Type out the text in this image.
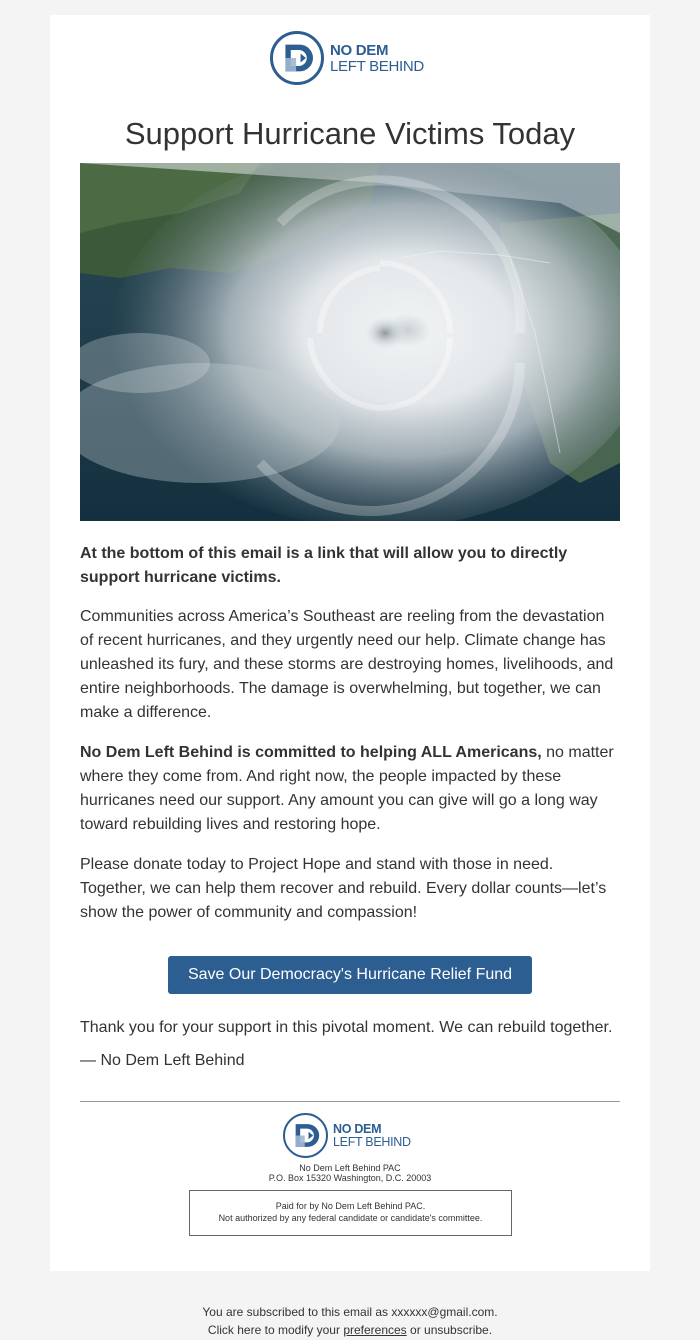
NO DEM
LEFT BEHIND
Support Hurricane Victims Today

At the bottom of this email is a link that will allow you to directly support hurricane victims.

Communities across America’s Southeast are reeling from the devastation of recent hurricanes, and they urgently need our help. Climate change has unleashed its fury, and these storms are destroying homes, livelihoods, and entire neighborhoods. The damage is overwhelming, but together, we can make a difference.

No Dem Left Behind is committed to helping ALL Americans, no matter where they come from. And right now, the people impacted by these hurricanes need our support. Any amount you can give will go a long way toward rebuilding lives and restoring hope.

Please donate today to Project Hope and stand with those in need. Together, we can help them recover and rebuild. Every dollar counts—let’s show the power of community and compassion!

Save Our Democracy's Hurricane Relief Fund

Thank you for your support in this pivotal moment. We can rebuild together.

— No Dem Left Behind

NO DEM
LEFT BEHIND
No Dem Left Behind PAC
P.O. Box 15320 Washington, D.C. 20003
Paid for by No Dem Left Behind PAC.
Not authorized by any federal candidate or candidate's committee.
You are subscribed to this email as xxxxxx@gmail.com.
Click here to modify your preferences or unsubscribe.
